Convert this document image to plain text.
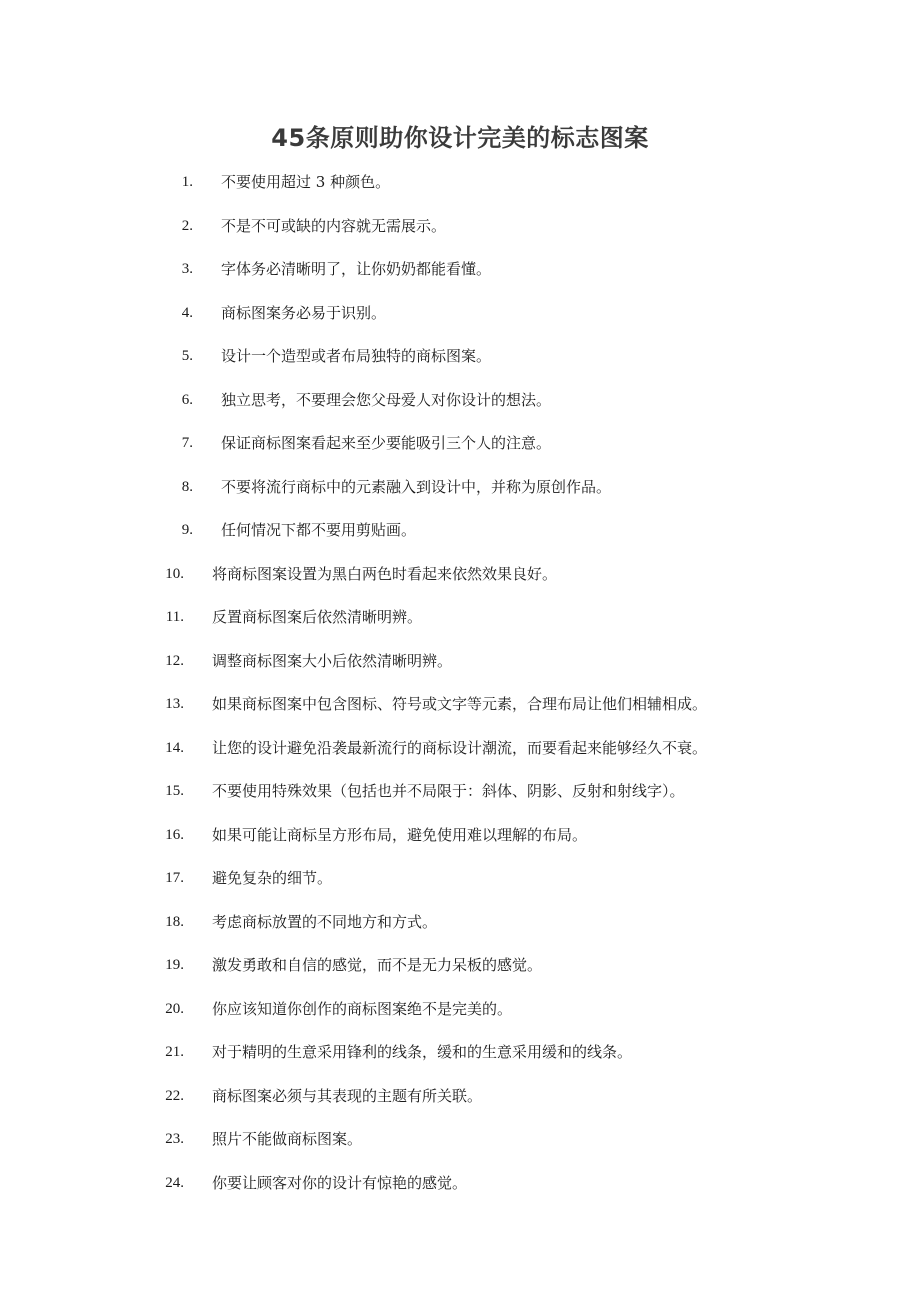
45条原则助你设计完美的标志图案
1. 不要使用超过 3 种颜色。
2. 不是不可或缺的内容就无需展示。
3. 字体务必清晰明了，让你奶奶都能看懂。
4. 商标图案务必易于识别。
5. 设计一个造型或者布局独特的商标图案。
6. 独立思考，不要理会您父母爱人对你设计的想法。
7. 保证商标图案看起来至少要能吸引三个人的注意。
8. 不要将流行商标中的元素融入到设计中，并称为原创作品。
9. 任何情况下都不要用剪贴画。
10. 将商标图案设置为黑白两色时看起来依然效果良好。
11. 反置商标图案后依然清晰明辨。
12. 调整商标图案大小后依然清晰明辨。
13. 如果商标图案中包含图标、符号或文字等元素，合理布局让他们相辅相成。
14. 让您的设计避免沿袭最新流行的商标设计潮流，而要看起来能够经久不衰。
15. 不要使用特殊效果（包括也并不局限于：斜体、阴影、反射和射线字）。
16. 如果可能让商标呈方形布局，避免使用难以理解的布局。
17. 避免复杂的细节。
18. 考虑商标放置的不同地方和方式。
19. 激发勇敢和自信的感觉，而不是无力呆板的感觉。
20. 你应该知道你创作的商标图案绝不是完美的。
21. 对于精明的生意采用锋利的线条，缓和的生意采用缓和的线条。
22. 商标图案必须与其表现的主题有所关联。
23. 照片不能做商标图案。
24. 你要让顾客对你的设计有惊艳的感觉。
